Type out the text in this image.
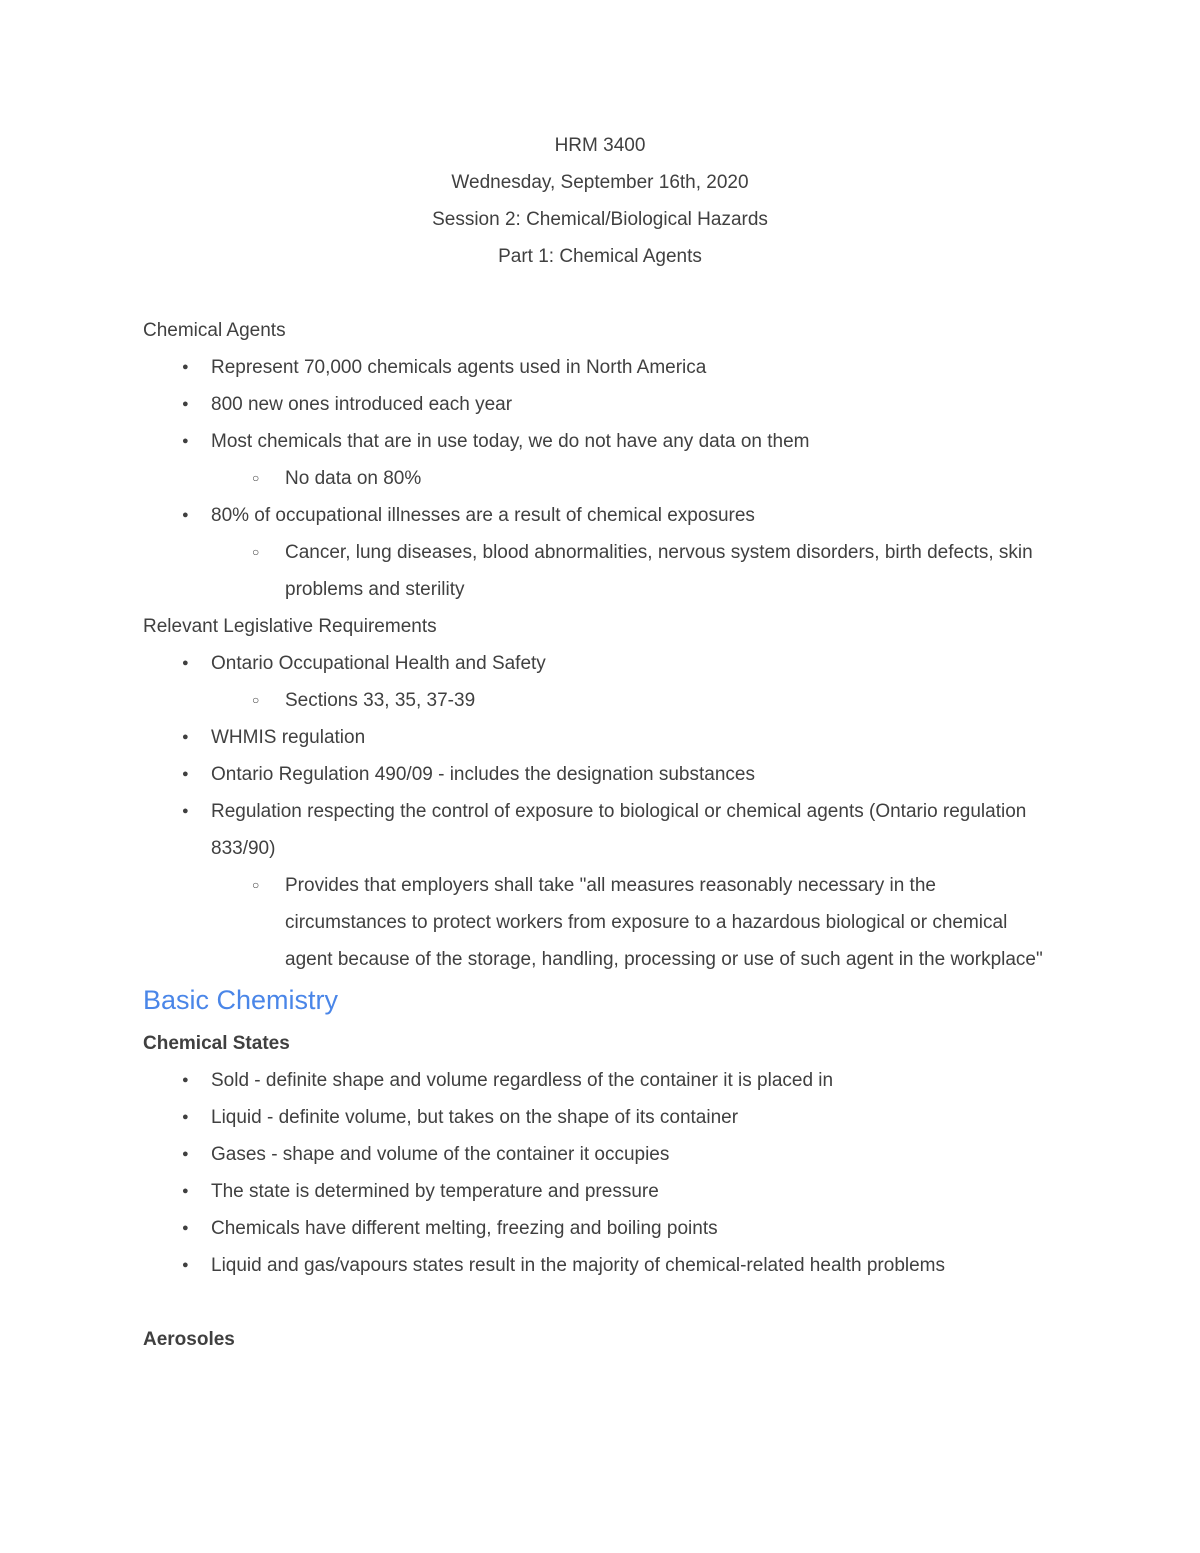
HRM 3400
Wednesday, September 16th, 2020
Session 2: Chemical/Biological Hazards
Part 1: Chemical Agents
Chemical Agents
●	Represent 70,000 chemicals agents used in North America
●	800 new ones introduced each year
●	Most chemicals that are in use today, we do not have any data on them
○	No data on 80%
●	80% of occupational illnesses are a result of chemical exposures
○	Cancer, lung diseases, blood abnormalities, nervous system disorders, birth defects, skin problems and sterility
Relevant Legislative Requirements
●	Ontario Occupational Health and Safety
○	Sections 33, 35, 37-39
●	WHMIS regulation
●	Ontario Regulation 490/09 - includes the designation substances
●	Regulation respecting the control of exposure to biological or chemical agents (Ontario regulation 833/90)
○	Provides that employers shall take "all measures reasonably necessary in the circumstances to protect workers from exposure to a hazardous biological or chemical agent because of the storage, handling, processing or use of such agent in the workplace"
Basic Chemistry
Chemical States
●	Sold - definite shape and volume regardless of the container it is placed in
●	Liquid - definite volume, but takes on the shape of its container
●	Gases - shape and volume of the container it occupies
●	The state is determined by temperature and pressure
●	Chemicals have different melting, freezing and boiling points
●	Liquid and gas/vapours states result in the majority of chemical-related health problems
Aerosoles
